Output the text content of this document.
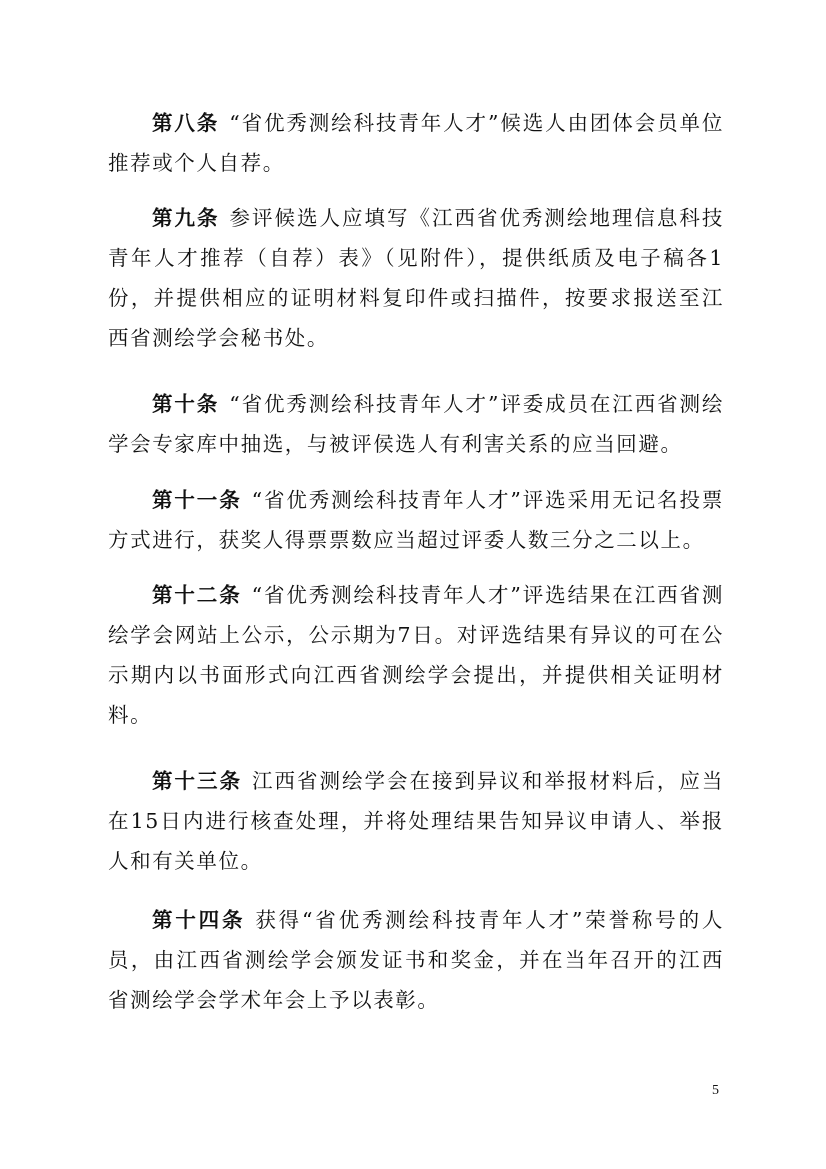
第八条 “省优秀测绘科技青年人才”候选人由团体会员单位推荐或个人自荐。

第九条 参评候选人应填写《江西省优秀测绘地理信息科技青年人才推荐（自荐）表》（见附件），提供纸质及电子稿各1份，并提供相应的证明材料复印件或扫描件，按要求报送至江西省测绘学会秘书处。

第十条 “省优秀测绘科技青年人才”评委成员在江西省测绘学会专家库中抽选，与被评侯选人有利害关系的应当回避。

第十一条 “省优秀测绘科技青年人才”评选采用无记名投票方式进行，获奖人得票票数应当超过评委人数三分之二以上。

第十二条 “省优秀测绘科技青年人才”评选结果在江西省测绘学会网站上公示，公示期为7日。对评选结果有异议的可在公示期内以书面形式向江西省测绘学会提出，并提供相关证明材料。

第十三条 江西省测绘学会在接到异议和举报材料后，应当在15日内进行核查处理，并将处理结果告知异议申请人、举报人和有关单位。

第十四条 获得“省优秀测绘科技青年人才”荣誉称号的人员，由江西省测绘学会颁发证书和奖金，并在当年召开的江西省测绘学会学术年会上予以表彰。

5
